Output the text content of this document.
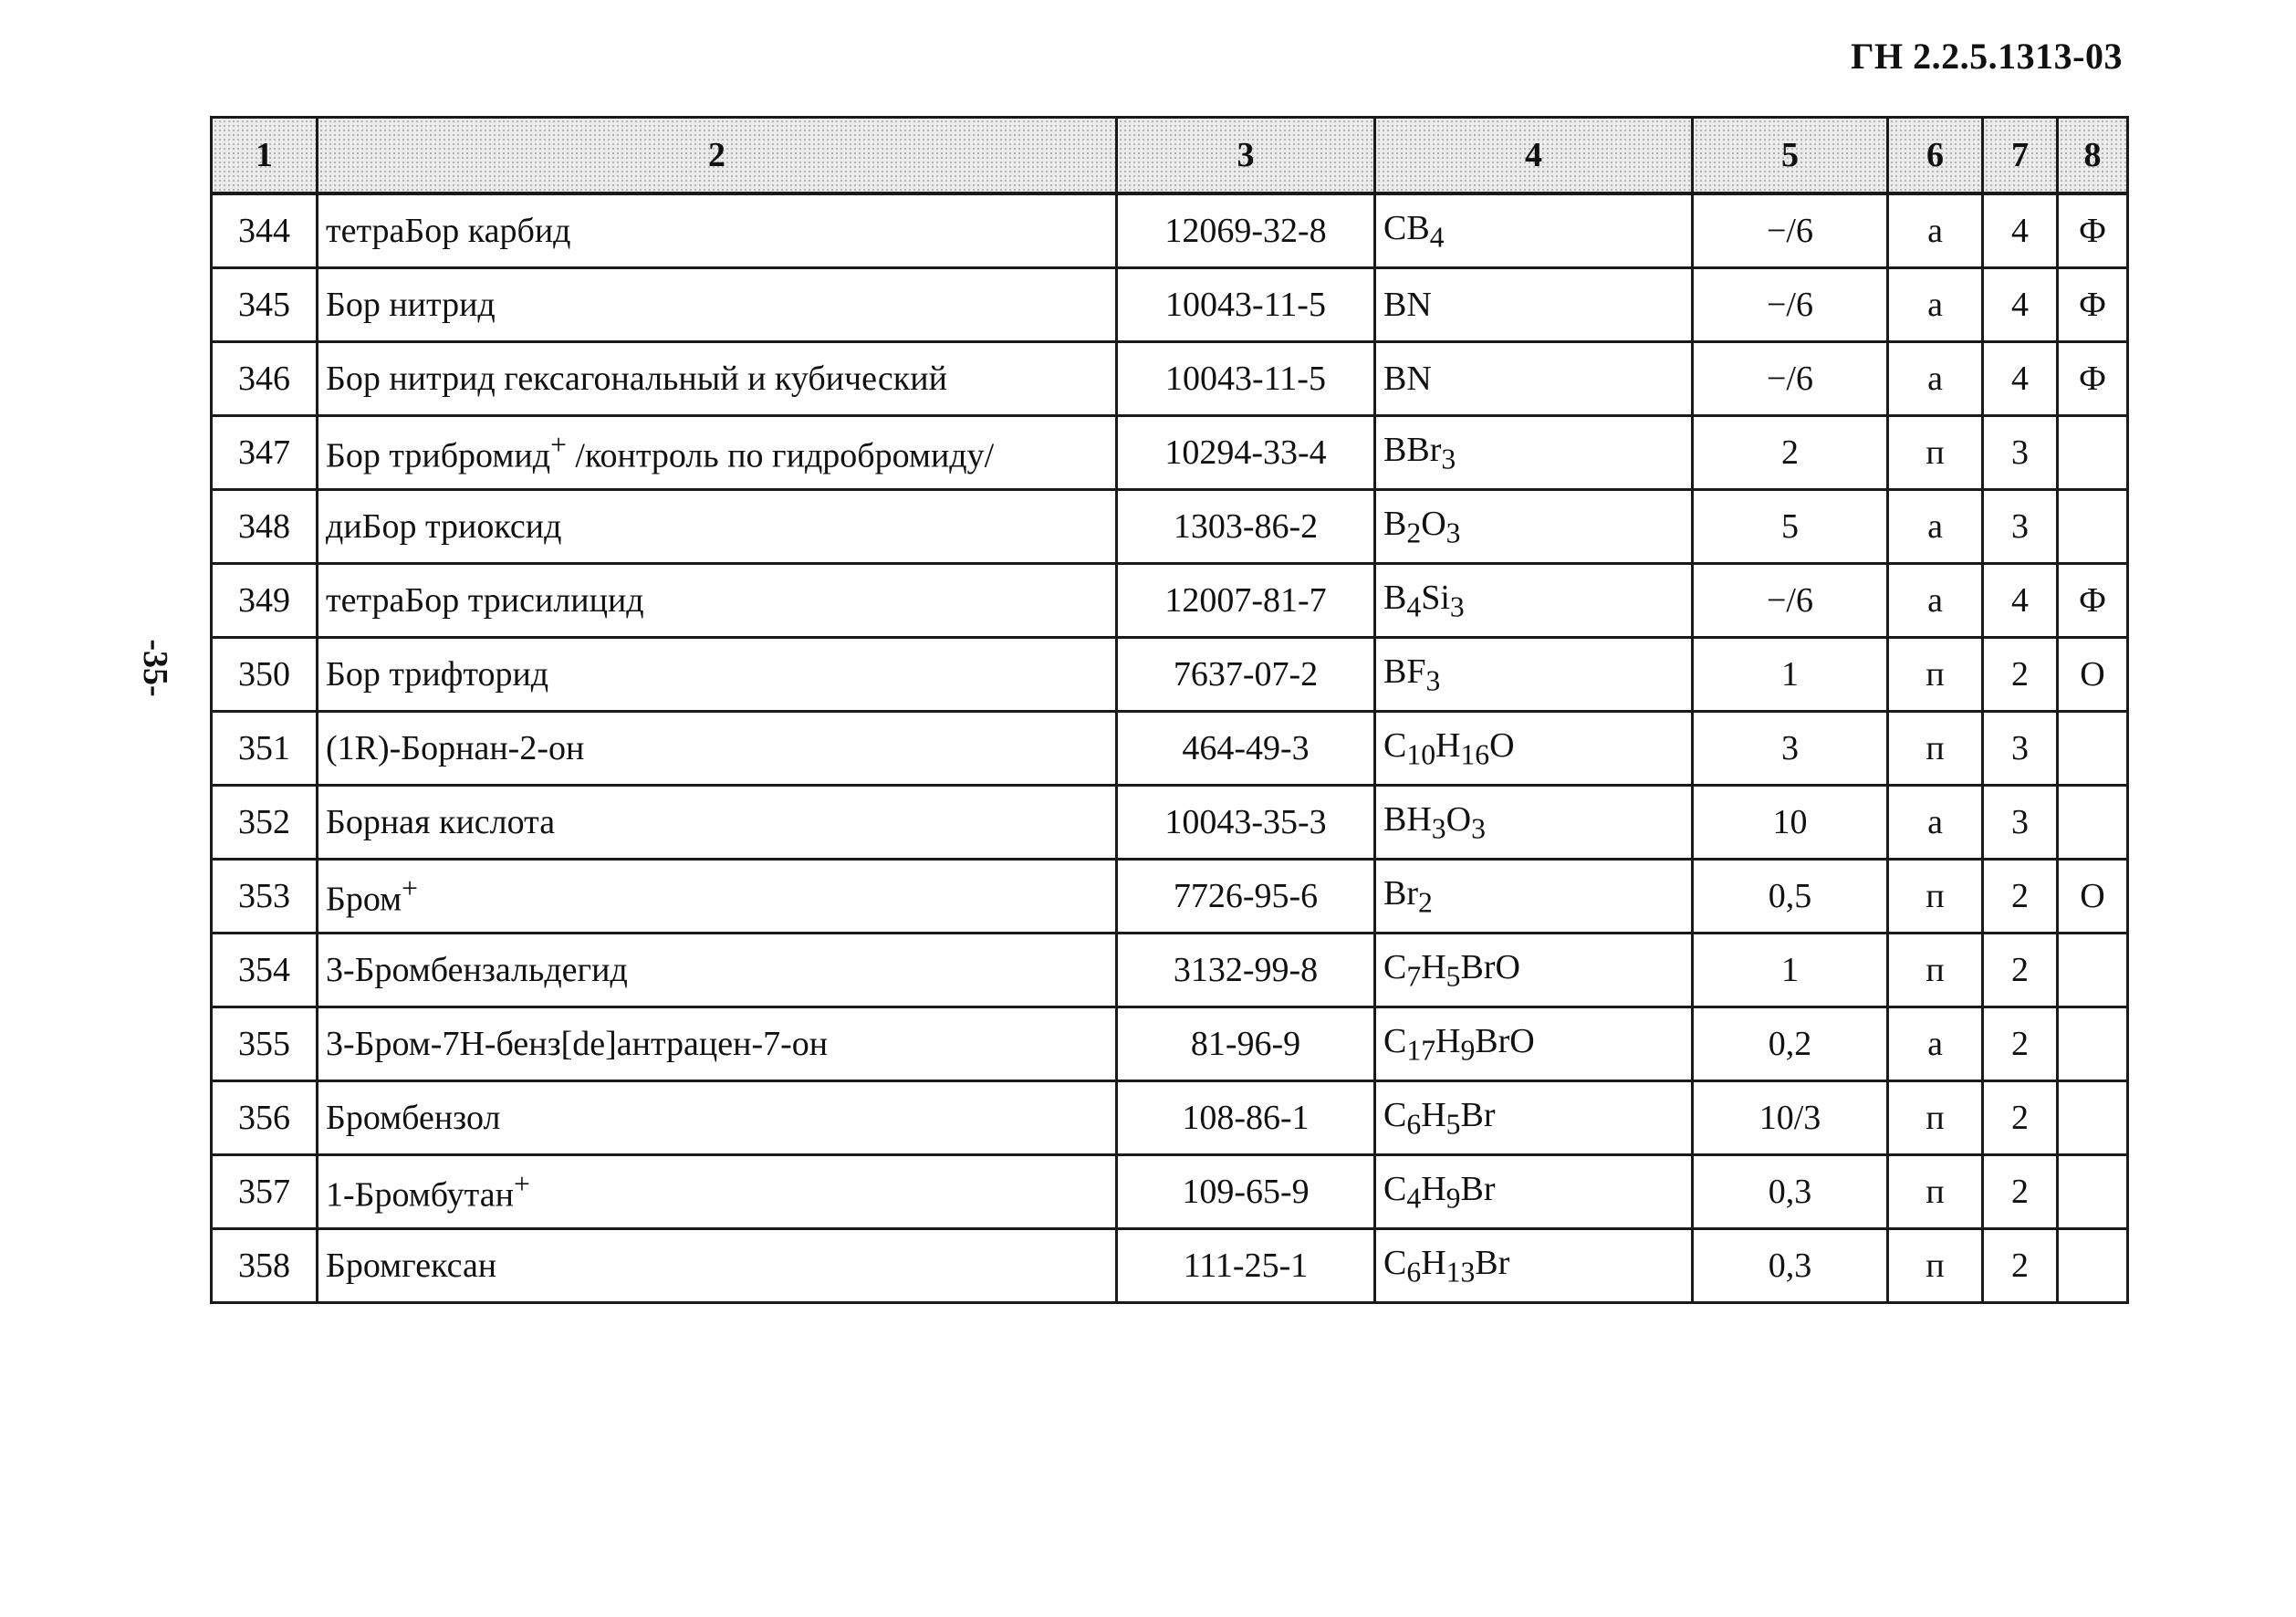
ГН 2.2.5.1313-03
-35-
1	2	3	4	5	6	7	8
344	тетраБор карбид	12069-32-8	$CB_4$	−/6	а	4	Ф
345	Бор нитрид	10043-11-5	BN	−/6	а	4	Ф
346	Бор нитрид гексагональный и кубический	10043-11-5	BN	−/6	а	4	Ф
347	Бор трибромид+ /контроль по гидробромиду/	10294-33-4	BBr$_3$	2	п	3	
348	диБор триоксид	1303-86-2	$B_2O_3$	5	а	3	
349	тетраБор трисилицид	12007-81-7	$B_4Si_3$	−/6	а	4	Ф
350	Бор трифторид	7637-07-2	$BF_3$	1	п	2	О
351	(1R)-Борнан-2-он	464-49-3	$C_{10}H_{16}O$	3	п	3	
352	Борная кислота	10043-35-3	$BH_3O_3$	10	а	3	
353	Бром+	7726-95-6	$Br_2$	0,5	п	2	О
354	3-Бромбензальдегид	3132-99-8	$C_7H_5BrO$	1	п	2	
355	3-Бром-7Н-бенз[de]антрацен-7-он	81-96-9	$C_{17}H_9BrO$	0,2	а	2	
356	Бромбензол	108-86-1	$C_6H_5Br$	10/3	п	2	
357	1-Бромбутан+	109-65-9	$C_4H_9Br$	0,3	п	2	
358	Бромгексан	111-25-1	$C_6H_{13}Br$	0,3	п	2	
